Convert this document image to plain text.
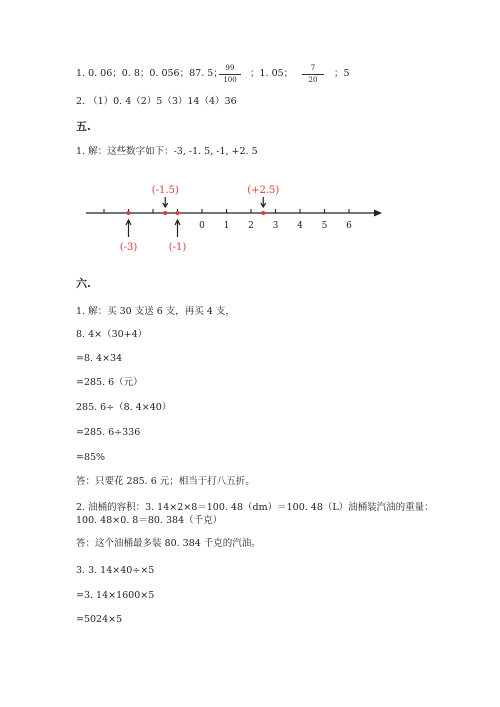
1. 0. 06；0. 8；0. 056；87. 5； 99
100
；1. 05；	7
20
；5
2. （1）0. 4（2）5（3）14（4）36
五.
1. 解：这些数字如下：-3, -1. 5, -1, +2. 5
0 1 2 3 4 5 6
(-3)
(-1.5)
(-1)
(+2.5)
六.
1. 解：买 30 支送 6 支，再买 4 支，
8. 4×（30+4）
=8. 4×34
=285. 6（元）
285. 6÷（8. 4×40）
=285. 6÷336
=85%
答：只要花 285. 6 元；相当于打八五折。
2. 油桶的容积：3. 14×2×8＝100. 48（dm）＝100. 48（L）油桶装汽油的重量：
100. 48×0. 8＝80. 384（千克）
答：这个油桶最多装 80. 384 千克的汽油。
3. 3. 14×40÷×5
=3. 14×1600×5
=5024×5
